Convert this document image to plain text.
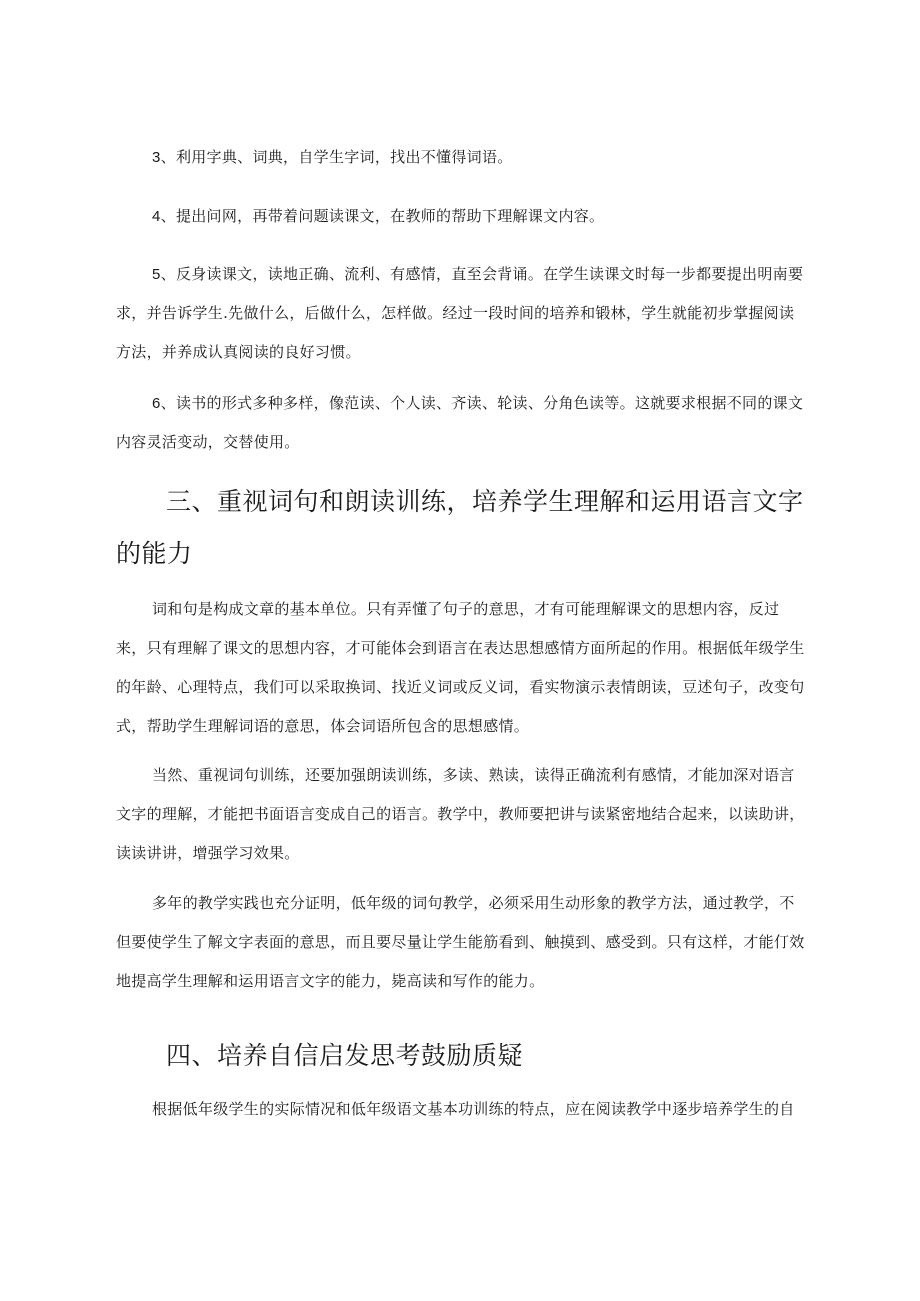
3、利用字典、词典，自学生字词，找出不懂得词语。
4、提出问网，再带着问题读课文，在教师的帮助下理解课文内容。
5、反身读课文，读地正确、流利、有感情，直至会背诵。在学生读课文时每一步都要提出明南要求，并告诉学生.先做什么，后做什么，怎样做。经过一段时间的培养和锻林，学生就能初步掌握阅读方法，并养成认真阅读的良好习惯。
6、读书的形式多种多样，像范读、个人读、齐读、轮读、分角色读等。这就要求根据不同的课文内容灵活变动，交替使用。
三、重视词句和朗读训练，培养学生理解和运用语言文字的能力
词和句是构成文章的基本单位。只有弄懂了句子的意思，才有可能理解课文的思想内容，反过来，只有理解了课文的思想内容，才可能体会到语言在表达思想感情方面所起的作用。根据低年级学生的年龄、心理特点，我们可以采取换词、找近义词或反义词，看实物演示表情朗读，豆述句子，改变句式，帮助学生理解词语的意思，体会词语所包含的思想感情。
当然、重视词句训练，还要加强朗读训练，多读、熟读，读得正确流利有感情，才能加深对语言文字的理解，才能把书面语言变成自己的语言。教学中，教师要把讲与读紧密地结合起来，以读助讲，读读讲讲，增强学习效果。
多年的教学实践也充分证明，低年级的词句教学，必须采用生动形象的教学方法，通过教学，不但要使学生了解文字表面的意思，而且要尽量让学生能筋看到、触摸到、感受到。只有这样，才能仃效地提高学生理解和运用语言文字的能力，毙高读和写作的能力。
四、培养自信启发思考鼓励质疑
根据低年级学生的实际情况和低年级语文基本功训练的特点，应在阅读教学中逐步培养学生的自
